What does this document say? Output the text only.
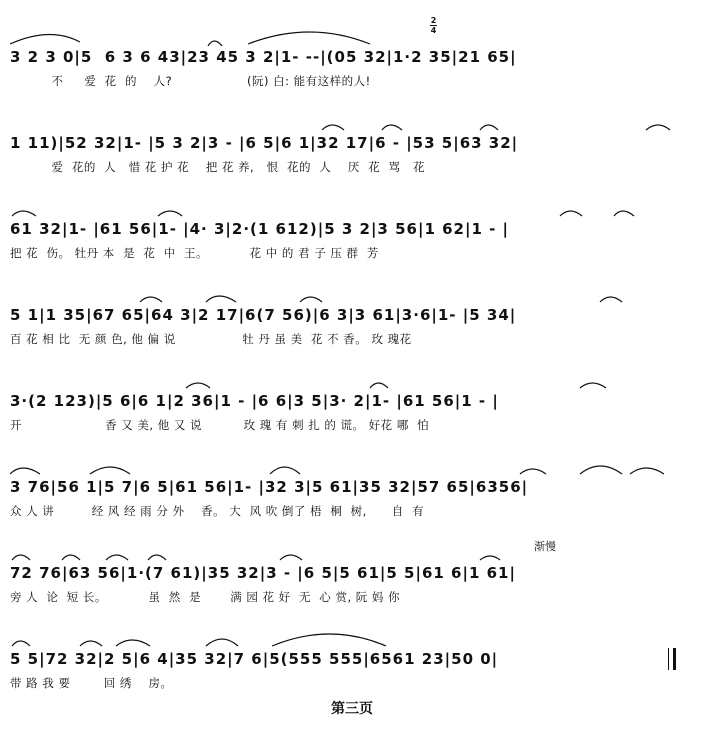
2
4
3 2 3 0|5  6 3 6 43|23 45 3 2|1- --|(05 32|1·2 35|21 65|
不     爱  花  的    人?                  (阮) 白: 能有这样的人!
1 11)|52 32|1- |5 3 2|3 - |6 5|6 1|32 17|6 - |53 5|63 32|
爱  花的  人   惜 花 护 花    把 花 养,   恨  花的  人    厌  花  骂   花
61 32|1- |61 56|1- |4· 3|2·(1 612)|5 3 2|3 56|1 62|1 - |
把 花  伤。 牡丹 本  是  花  中  王。          花 中 的 君 子 压 群  芳
5 1|1 35|67 65|64 3|2 17|6(7 56)|6 3|3 61|3·6|1- |5 34|
百 花 相 比  无 颜 色, 他 偏 说                牡 丹 虽 美  花 不 香。 玫 瑰花
3·(2 123)|5 6|6 1|2 36|1 - |6 6|3 5|3· 2|1- |61 56|1 - |
开                    香 又 美, 他 又 说          玫 瑰 有 刺 扎 的 谎。 好花 哪  怕
3 76|56 1|5 7|6 5|61 56|1- |32 3|5 61|35 32|57 65|6356|
众 人 讲         经 风 经 雨 分 外    香。 大  风 吹 倒了 梧  桐  树,      自  有
渐慢
72 76|63 56|1·(7 61)|35 32|3 - |6 5|5 61|5 5|61 6|1 61|
旁 人  论  短 长。          虽  然  是       满 园 花 好  无  心 赏, 阮 妈 你
5 5|72 32|2 5|6 4|35 32|7 6|5(555 555|6561 23|50 0|
带 路 我 要        回 绣    房。
第三页
